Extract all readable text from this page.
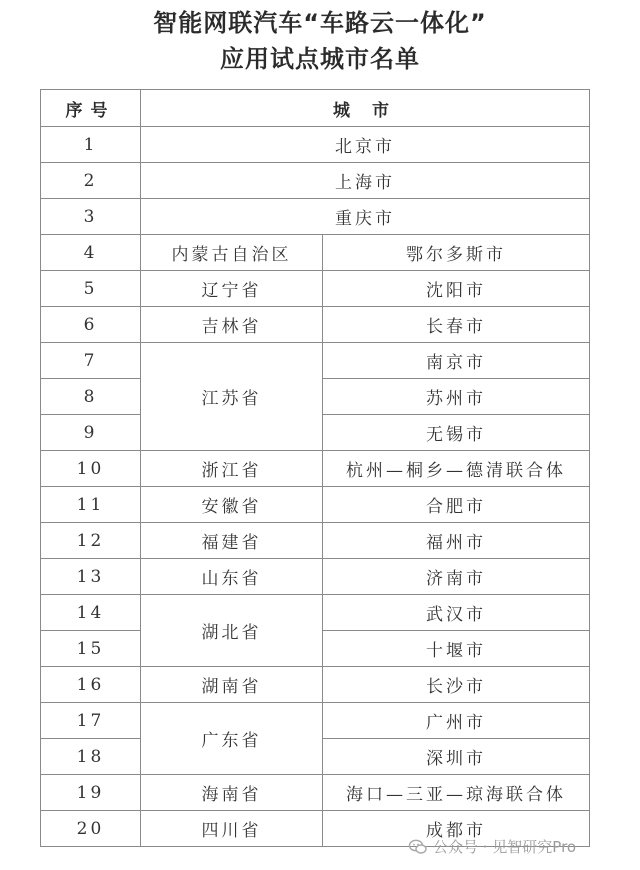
智能网联汽车“车路云一体化”
应用试点城市名单
序号	城 市	
1	北京市	
2	上海市	
3	重庆市	
4	内蒙古自治区	鄂尔多斯市
5	辽宁省	沈阳市
6	吉林省	长春市
7	江苏省	南京市
8		苏州市
9		无锡市
10	浙江省	杭州—桐乡—德清联合体
11	安徽省	合肥市
12	福建省	福州市
13	山东省	济南市
14	湖北省	武汉市
15		十堰市
16	湖南省	长沙市
17	广东省	广州市
18		深圳市
19	海南省	海口—三亚—琼海联合体
20	四川省	成都市
公众号 · 见智研究Pro
